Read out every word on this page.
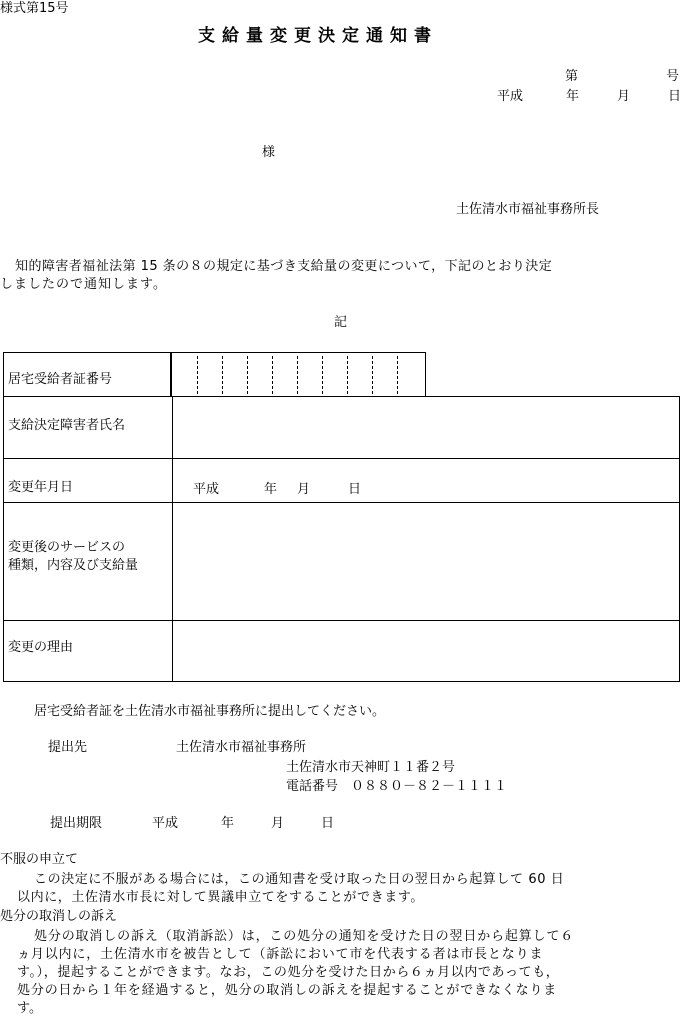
様式第15号
支給量変更決定通知書
第	号
平成	年	月	日
様
土佐清水市福祉事務所長
知的障害者福祉法第 15 条の８の規定に基づき支給量の変更について，下記のとおり決定
しましたので通知します。
記
居宅受給者証番号
支給決定障害者氏名
変更年月日	平成	年 月	日
変更後のサービスの
種類，内容及び支給量
変更の理由
居宅受給者証を土佐清水市福祉事務所に提出してください。
提出先	土佐清水市福祉事務所
土佐清水市天神町１１番２号
電話番号　０８８０－８２－１１１１
提出期限	平成	年	月	日
不服の申立て
この決定に不服がある場合には，この通知書を受け取った日の翌日から起算して 60 日
以内に，土佐清水市長に対して異議申立てをすることができます。
処分の取消しの訴え
処分の取消しの訴え（取消訴訟）は，この処分の通知を受けた日の翌日から起算して６
ヵ月以内に，土佐清水市を被告として（訴訟において市を代表する者は市長となりま
す。），提起することができます。なお，この処分を受けた日から６ヵ月以内であっても，
処分の日から１年を経過すると，処分の取消しの訴えを提起することができなくなりま
す。
